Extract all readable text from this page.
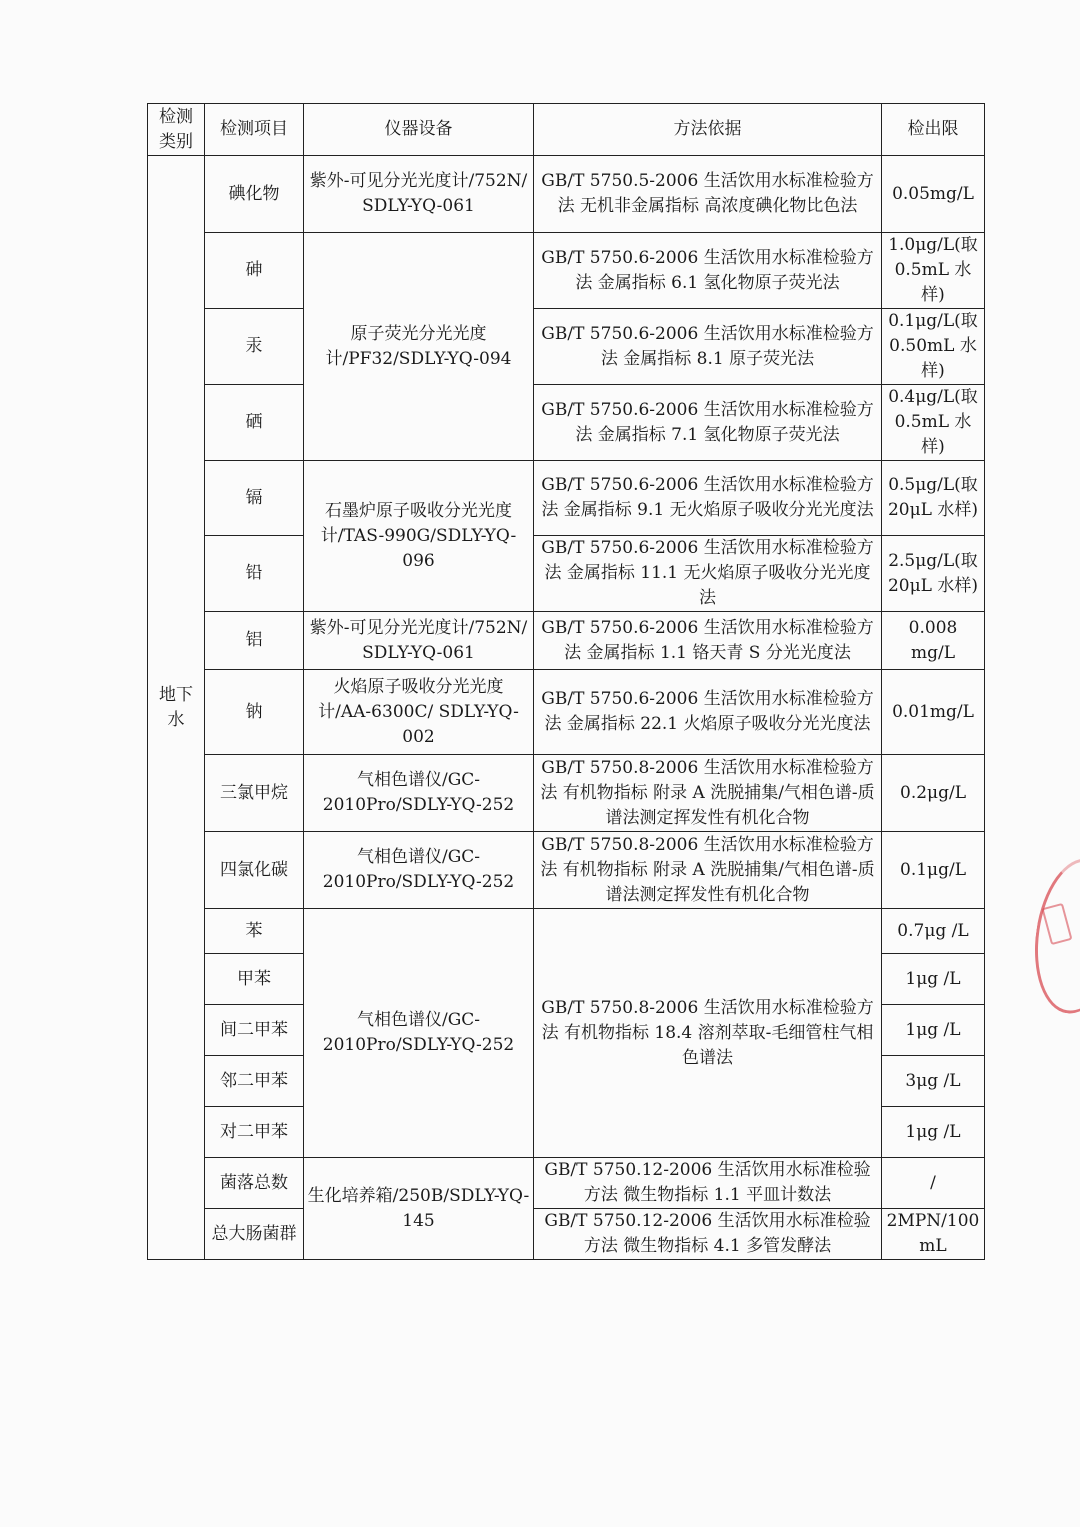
检测类别	检测项目	仪器设备	方法依据	检出限
地下水	碘化物	紫外-可见分光光度计/752N/ SDLY-YQ-061	GB/T 5750.5-2006 生活饮用水标准检验方法 无机非金属指标 高浓度碘化物比色法	0.05mg/L
	砷	原子荧光分光光度计/PF32/SDLY-YQ-094	GB/T 5750.6-2006 生活饮用水标准检验方法 金属指标 6.1 氢化物原子荧光法	1.0μg/L(取0.5mL 水样)
	汞		GB/T 5750.6-2006 生活饮用水标准检验方法 金属指标 8.1 原子荧光法	0.1μg/L(取0.50mL 水样)
	硒		GB/T 5750.6-2006 生活饮用水标准检验方法 金属指标 7.1 氢化物原子荧光法	0.4μg/L(取0.5mL 水样)
	镉	石墨炉原子吸收分光光度计/TAS-990G/SDLY-YQ-096	GB/T 5750.6-2006 生活饮用水标准检验方法 金属指标 9.1 无火焰原子吸收分光光度法	0.5μg/L(取20μL 水样)
	铅		GB/T 5750.6-2006 生活饮用水标准检验方法 金属指标 11.1 无火焰原子吸收分光光度法	2.5μg/L(取20μL 水样)
	铝	紫外-可见分光光度计/752N/ SDLY-YQ-061	GB/T 5750.6-2006 生活饮用水标准检验方法 金属指标 1.1 铬天青 S 分光光度法	0.008 mg/L
	钠	火焰原子吸收分光光度计/AA-6300C/ SDLY-YQ-002	GB/T 5750.6-2006 生活饮用水标准检验方法 金属指标 22.1 火焰原子吸收分光光度法	0.01mg/L
	三氯甲烷	气相色谱仪/GC-2010Pro/SDLY-YQ-252	GB/T 5750.8-2006 生活饮用水标准检验方法 有机物指标 附录 A 洗脱捕集/气相色谱-质谱法测定挥发性有机化合物	0.2μg/L
	四氯化碳	气相色谱仪/GC-2010Pro/SDLY-YQ-252	GB/T 5750.8-2006 生活饮用水标准检验方法 有机物指标 附录 A 洗脱捕集/气相色谱-质谱法测定挥发性有机化合物	0.1μg/L
	苯	气相色谱仪/GC-2010Pro/SDLY-YQ-252	GB/T 5750.8-2006 生活饮用水标准检验方法 有机物指标 18.4 溶剂萃取-毛细管柱气相色谱法	0.7μg /L
	甲苯			1μg /L
	间二甲苯			1μg /L
	邻二甲苯			3μg /L
	对二甲苯			1μg /L
	菌落总数	生化培养箱/250B/SDLY-YQ-145	GB/T 5750.12-2006 生活饮用水标准检验方法 微生物指标 1.1 平皿计数法	/
	总大肠菌群		GB/T 5750.12-2006 生活饮用水标准检验方法 微生物指标 4.1 多管发酵法	2MPN/100 mL
